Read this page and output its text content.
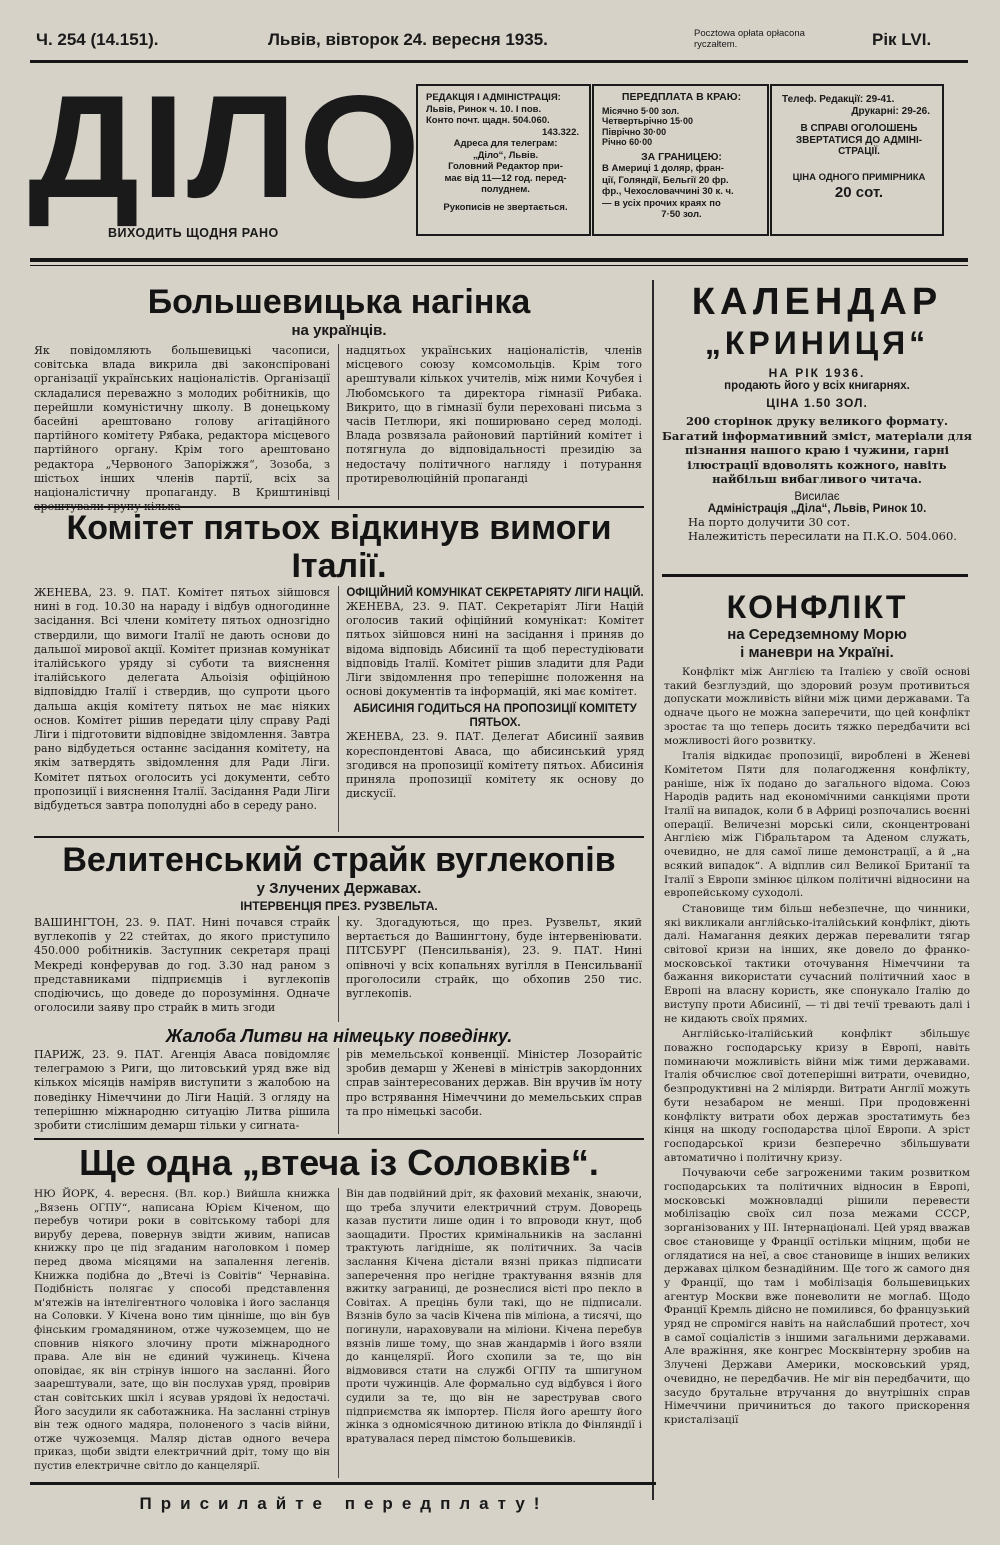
Ч. 254 (14.151).	Львів, вівторок 24. вересня 1935.	Pocztowa opłata opłacona ryczałtem.	Рік LVI.
ДІЛО
ВИХОДИТЬ ЩОДНЯ РАНО
РЕДАКЦІЯ І АДМІНІСТРАЦІЯ:
Львів, Ринок ч. 10. І пов.
Конто почт. щадн. 504.060.
143.322.
Адреса для телеграм:
„Діло“, Львів.
Головний Редактор при-
має від 11—12 год. перед-
полуднем.
Рукописів не звертається.
ПЕРЕДПЛАТА В КРАЮ:
Місячно 5·00 зол.
Четвертьрічно 15·00
Піврічно 30·00
Річно 60·00
ЗА ГРАНИЦЕЮ:
В Америці 1 доляр, фран-
ції, Голяндії, Бельгії 20 фр.
фр., Чехословаччині 30 к. ч.
— в усіх прочих краях по
7·50 зол.
Телеф. Редакції: 29-41.
Друкарні: 29-26.
В СПРАВІ ОГОЛОШЕНЬ
ЗВЕРТАТИСЯ ДО АДМІНІ-
СТРАЦІЇ.
ЦІНА ОДНОГО ПРИМІРНИКА
20 сот.
Большевицька нагінка
на українців.
Як повідомляють большевицькі часописи, совітська влада викрила дві законспіровані організації українських націоналістів. Організації складалися переважно з молодих робітників, що перейшли комуністичну школу. В донецькому басейні арештовано голову агітаційного партійного комітету Рябака, редактора місцевого партійного органу. Крім того арештовано редактора „Червоного Запоріжжя“, Зозоба, з шістьох інших членів партії, всіх за націоналістичну пропаганду. В Криштинівці
надцятьох українських націоналістів, членів місцевого союзу комсомольців. Крім того арештували кількох учителів, між ними Кочубея і Любомського та директора гімназії Рибака. Викрито, що в гімназії були переховані письма з часів Петлюри, які поширювано серед молоді. Влада розвязала районовий партійний комітет і потягнула до відповідальності президію за недостачу політичного нагляду і потурання протиреволюційній пропаганді
Комітет пятьох відкинув вимоги
Італії.
ЖЕНЕВА, 23. 9. ПАТ. Комітет пятьох зійшовся нині в год. 10.30 на нараду і відбув одногодинне засідання. Всі члени комітету пятьох однозгідно ствердили, що вимоги Італії не дають основи до дальшої мирової акції. Комітет признав комунікат італійського уряду зі суботи та вияснення італійського делегата Альоізія офіційною відповіддю Італії і ствердив, що супроти цього дальша акція комітету пятьох не має ніяких основ. Комітет рішив передати цілу справу Раді Ліги і підготовити відповідне звідомлення. Завтра рано відбудеться останнє засідання комітету, на якім затвердять звідомлення для Ради Ліги. Комітет пятьох оголосить усі документи, себто пропозиції і вияснення Італії. Засідання Ради Ліги відбудеться завтра пополудні або в середу рано.
ОФІЦІЙНИЙ КОМУНІКАТ СЕКРЕТАРІЯТУ ЛІГИ НАЦІЙ.
ЖЕНЕВА, 23. 9. ПАТ. Секретаріят Ліги Націй оголосив такий офіційний комунікат: Комітет пятьох зійшовся нині на засідання і приняв до відома відповідь Абисинії та щоб перестудіювати відповідь Італії. Комітет рішив зладити для Ради Ліги звідомлення про теперішнє положення на основі документів та інформацій, які має комітет.
АБИСИНІЯ ГОДИТЬСЯ НА ПРОПОЗИЦІЇ КОМІТЕТУ ПЯТЬОХ.
ЖЕНЕВА, 23. 9. ПАТ. Делегат Абисинії заявив кореспондентові Аваса, що абисинський уряд згодився на пропозиції комітету пятьох. Абисинія приняла пропозиції комітету як основу до дискусії.
Велитенський страйк вуглекопів
у Злучених Державах.
ІНТЕРВЕНЦІЯ ПРЕЗ. РУЗВЕЛЬТА.
ВАШИНГТОН, 23. 9. ПАТ. Нині почався страйк вуглекопів у 22 стейтах, до якого приступило 450.000 робітників. Заступник секретаря праці Мекреді конферував до год. 3.30 над раном з представниками підприємців і вуглекопів сподіючись, що доведе до порозуміння. Одначе оголосили заяву про страйк в мить згоди
ку. Здогадуються, що през. Рузвельт, який вертається до Вашингтону, буде інтервеніювати. ПІТСБУРГ (Пенсильванія), 23. 9. ПАТ. Нині опівночі у всіх копальнях вугілля в Пенсильванії проголосили страйк, що обхопив 250 тис. вуглекопів.
Жалоба Литви на німецьку поведінку.
ПАРИЖ, 23. 9. ПАТ. Агенція Аваса повідомляє телеграмою з Риги, що литовський уряд вже від кількох місяців наміряв виступити з жалобою на поведінку Німеччини до Ліги Націй. З огляду на теперішню міжнародню ситуацію Литва рішила зробити стислішим демарш тільки у сигната-
рів мемельської конвенції. Міністер Лозорайтіс зробив демарш у Женеві в міністрів закордонних справ заінтересованих держав. Він вручив їм ноту про встрявання Німеччини до мемельських справ та про німецькі засоби.
Ще одна „втеча із Соловків“.
НЮ ЙОРК, 4. вересня. (Вл. кор.) Вийшла книжка „Вязень ОГПУ“, написана Юрієм Кіченом, що перебув чотири роки в совітському таборі для вирубу дерева, повернув звідти живим, написав книжку про це під згаданим наголовком і помер перед двома місяцями на запалення легенів. Книжка подібна до „Втечі із Совітів“ Чернавіна. Подібність полягає у способі представлення м'ятежів на інтелігентного чоловіка і його засланця на Соловки. У Кічена воно тим цінніше, що він був фінським громадянином, отже чужоземцем, що не сповнив ніякого злочину проти міжнародного права. Але він не єдиний чужинець. Кічена оповідає, як він стрінув іншого на засланні. Його заарештували, зате, що він послухав уряд, провірив стан совітських шкіл і ясував урядові їх недостачі. Його засудили як саботажника. На засланні стрінув він теж одного мадяра, полоненого з часів війни, отже чужоземця. Маляр дістав одного вечера приказ, щоби звідти електричний дріт, тому що він пустив електричне світло до канцелярії.
Він дав подвійний дріт, як фаховий механік, знаючи, що треба злучити електричний струм. Доворець казав пустити лише один і то впроводи кнут, щоб заощадити. Простих кримінальників на засланні трактують лагідніше, як політичних. За часів заслання Кічена дістали вязні приказ підписати заперечення про негідне трактування вязнів для вжитку заграниці, де рознеслися вісті про пекло в Совітах. А прецінь були такі, що не підписали. Вязнів було за часів Кічена пів міліона, а тисячі, що погинули, нараховували на міліони. Кіченa перебув вязнів лише тому, що знав жандармів і його взяли до канцелярії. Його схопили за те, що він відмовився стати на службі ОГПУ та шпигуном проти чужинців. Але формально суд відбувся і його судили за те, що він не зарестрував свого підприємства як імпортер. Після його арешту його жінка з одномісячною дитиною втікла до Фінляндії і вратувалася перед пімстою большевиків.
КАЛЕНДАР
„КРИНИЦЯ“
НА РІК 1936.
продають його у всіх книгарнях.
ЦІНА 1.50 ЗОЛ.
200 сторінок друку великого формату. Багатий інформативний зміст, матеріали для пізнання нашого краю і чужини, гарні ілюстрації вдоволять кожного, навіть найбільш вибагливого читача.
Висилає
Адміністрація „Діла“, Львів, Ринок 10.
На порто долучити 30 сот.
Належитість пересилати на П.К.О. 504.060.
КОНФЛІКТ
на Середземному Морю
і маневри на Україні.
Конфлікт між Англією та Італією у своїй основі такий безглуздий, що здоровий розум противиться допускати можливість війни між цими державами. Та одначе цього не можна заперечити, що цей конфлікт зростає та що теперь досить тяжко передбачити всі можливості його розвитку.
Італія відкидає пропозиції, вироблені в Женеві Комітетом Пяти для полагодження конфлікту, раніше, ніж їх подано до загального відома. Союз Народів радить над економічними санкціями проти Італії на випадок, коли б в Африці розпочались воєнні операції. Величезні морські сили, сконцентровані Англією між Гібральтаром та Аденом служать, очевидно, не для самої лише демонстрації, а й „на всякий випадок“. А відплив сил Великої Британії та Італії з Европи змінює цілком політичні відносини на европейському суходолі.
Становище тим більш небезпечне, що чинники, які викликали англійсько-італійський конфлікт, діють далі. Намагання деяких держав перевалити тягар світової кризи на інших, яке довело до франко-московської тактики оточування Німеччини та бажання використати сучасний політичний хаос в Европі на власну користь, яке спонукало Італію до виступу проти Абисинії, — ті дві течії тревають далі і не кидають своїх прямих.
Англійсько-італійський конфлікт збільшує поважно господарську кризу в Европі, навіть поминаючи можливість війни між тими державами. Італія обчислює свої дотеперішні витрати, очевидно, безпродуктивні на 2 міліярди. Витрати Англії можуть бути незабаром не менші. При продовженні конфлікту витрати обох держав зростатимуть без кінця на шкоду господарства цілої Европи. А зріст господарської кризи безперечно збільшувати автоматично і політичну кризу.
Почуваючи себе загроженими таким розвитком господарських та політичних відносин в Европі, московські можновладці рішили перевести мобілізацію своїх сил поза межами СССР, зорганізованих у III. Інтернаціоналі. Цей уряд вважав своє становище у Франції остільки міцним, щоби не оглядатися на неї, а своє становище в інших великих державах цілком безнадійним. Ще того ж самого дня у Франції, що там і мобілізація большевицьких агентур Москви вже поневолити не моглаб. Щодо Франції Кремль дійсно не помилився, бо французький уряд не спромігся навіть на найслабший протест, хоч в самої соціалістів з іншими загальними державами. Але вражіння, яке конгрес Москвінтерну зробив на Злучені Держави Америки, московський уряд, очевидно, не передбачив. Не міг він передбачити, що засудо брутальне втручання до внутрішніх справ Німеччини причиниться до такого прискорення кристалізації
Присилайте передплату!
